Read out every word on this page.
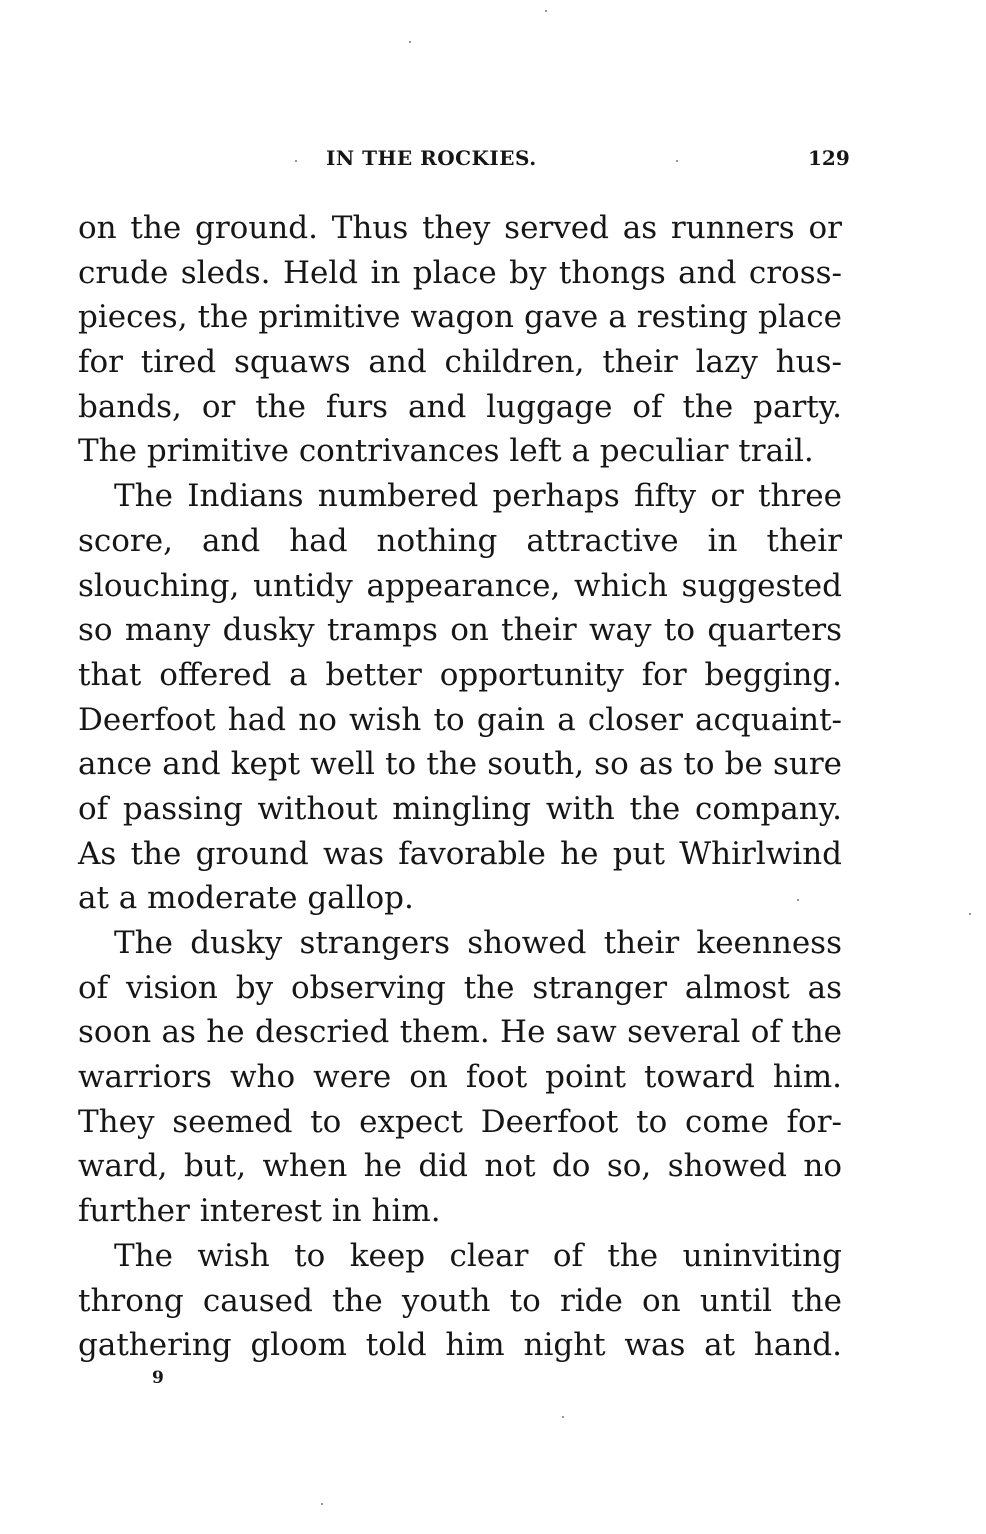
IN THE ROCKIES.	129
on the ground. Thus they served as runners or
crude sleds. Held in place by thongs and cross-
pieces, the primitive wagon gave a resting place
for tired squaws and children, their lazy hus-
bands, or the furs and luggage of the party.
The primitive contrivances left a peculiar trail.
The Indians numbered perhaps fifty or three
score, and had nothing attractive in their
slouching, untidy appearance, which suggested
so many dusky tramps on their way to quarters
that offered a better opportunity for begging.
Deerfoot had no wish to gain a closer acquaint-
ance and kept well to the south, so as to be sure
of passing without mingling with the company.
As the ground was favorable he put Whirlwind
at a moderate gallop.
The dusky strangers showed their keenness
of vision by observing the stranger almost as
soon as he descried them. He saw several of the
warriors who were on foot point toward him.
They seemed to expect Deerfoot to come for-
ward, but, when he did not do so, showed no
further interest in him.
The wish to keep clear of the uninviting
throng caused the youth to ride on until the
gathering gloom told him night was at hand.
9
